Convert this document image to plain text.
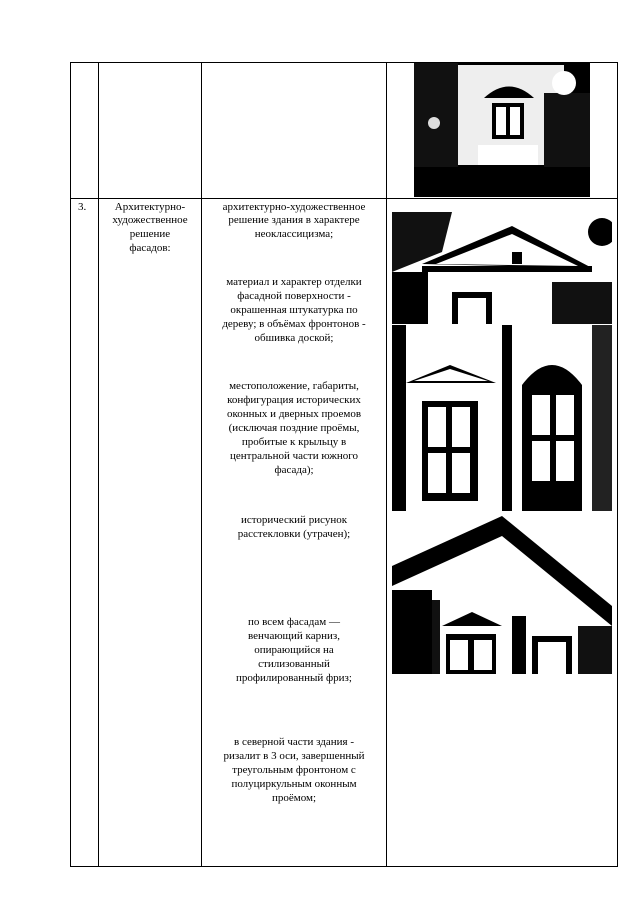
3.	Архитектурно-
художественное
решение
фасадов:
архитектурно-художественное
решение здания в характере
неоклассицизма;
материал и характер отделки
фасадной поверхности -
окрашенная штукатурка по
дереву; в объёмах фронтонов -
обшивка доской;
местоположение, габариты,
конфигурация исторических
оконных и дверных проемов
(исключая поздние проёмы,
пробитые к крыльцу в
центральной части южного
фасада);
исторический рисунок
расстекловки (утрачен);
по всем фасадам —
венчающий карниз,
опирающийся на
стилизованный
профилированный фриз;
в северной части здания -
ризалит в 3 оси, завершенный
треугольным фронтоном с
полуциркульным оконным
проёмом;
